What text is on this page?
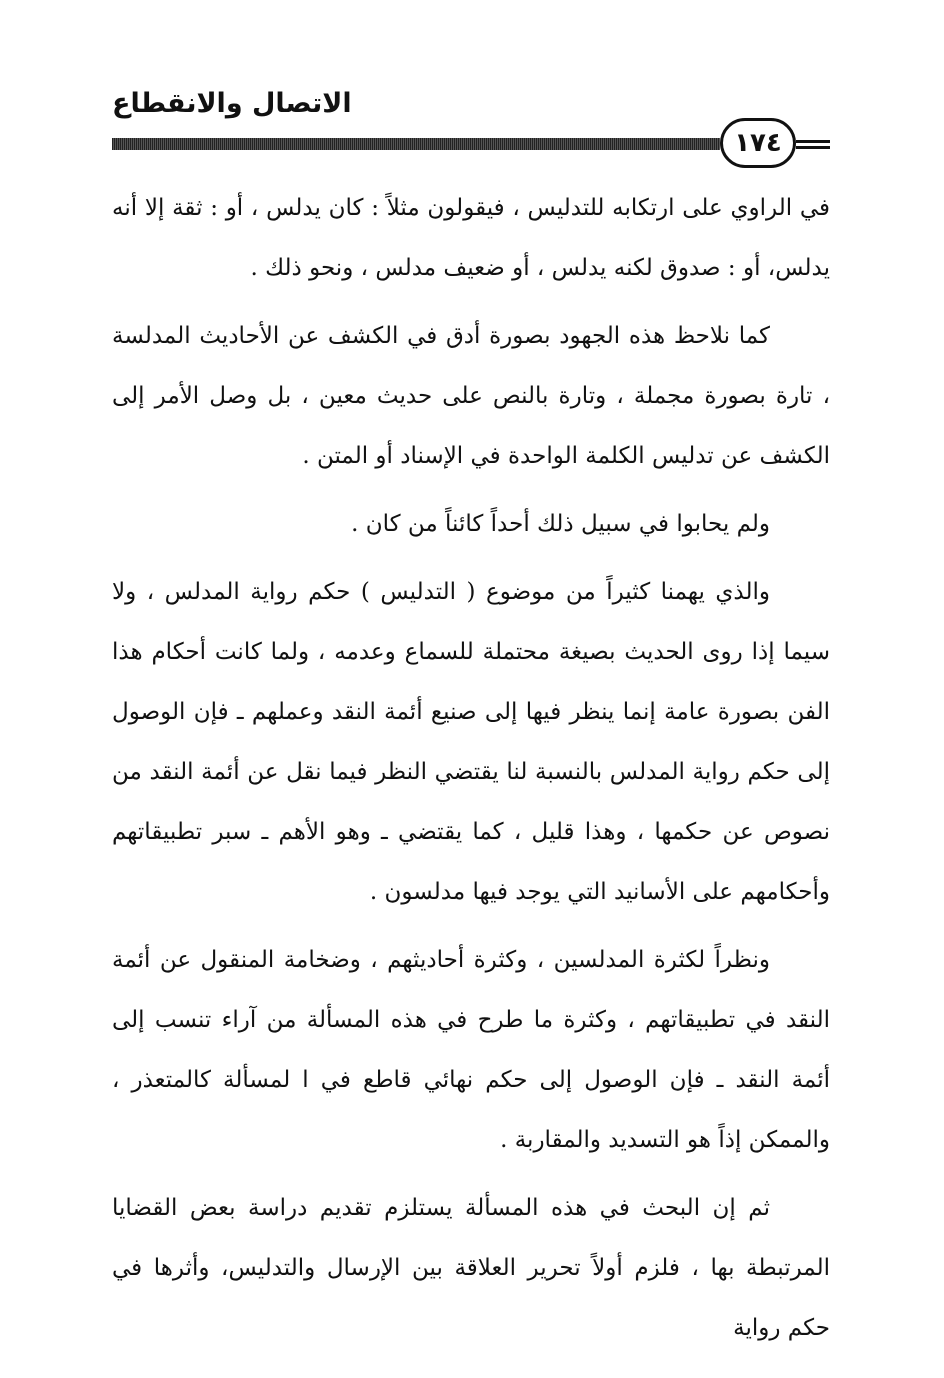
الاتصال والانقطاع
١٧٤

في الراوي على ارتكابه للتدليس ، فيقولون مثلاً : كان يدلس ، أو : ثقة إلا أنه يدلس، أو : صدوق لكنه يدلس ، أو ضعيف مدلس ، ونحو ذلك .

كما نلاحظ هذه الجهود بصورة أدق في الكشف عن الأحاديث المدلسة ، تارة بصورة مجملة ، وتارة بالنص على حديث معين ، بل وصل الأمر إلى الكشف عن تدليس الكلمة الواحدة في الإسناد أو المتن .

ولم يحابوا في سبيل ذلك أحداً كائناً من كان .

والذي يهمنا كثيراً من موضوع ( التدليس ) حكم رواية المدلس ، ولا سيما إذا روى الحديث بصيغة محتملة للسماع وعدمه ، ولما كانت أحكام هذا الفن بصورة عامة إنما ينظر فيها إلى صنيع أئمة النقد وعملهم ـ فإن الوصول إلى حكم رواية المدلس بالنسبة لنا يقتضي النظر فيما نقل عن أئمة النقد من نصوص عن حكمها ، وهذا قليل ، كما يقتضي ـ وهو الأهم ـ سبر تطبيقاتهم وأحكامهم على الأسانيد التي يوجد فيها مدلسون .

ونظراً لكثرة المدلسين ، وكثرة أحاديثهم ، وضخامة المنقول عن أئمة النقد في تطبيقاتهم ، وكثرة ما طرح في هذه المسألة من آراء تنسب إلى أئمة النقد ـ فإن الوصول إلى حكم نهائي قاطع في ا لمسألة كالمتعذر ، والممكن إذاً هو التسديد والمقاربة .

ثم إن البحث في هذه المسألة يستلزم تقديم دراسة بعض القضايا المرتبطة بها ، فلزم أولاً تحرير العلاقة بين الإرسال والتدليس، وأثرها في حكم رواية
